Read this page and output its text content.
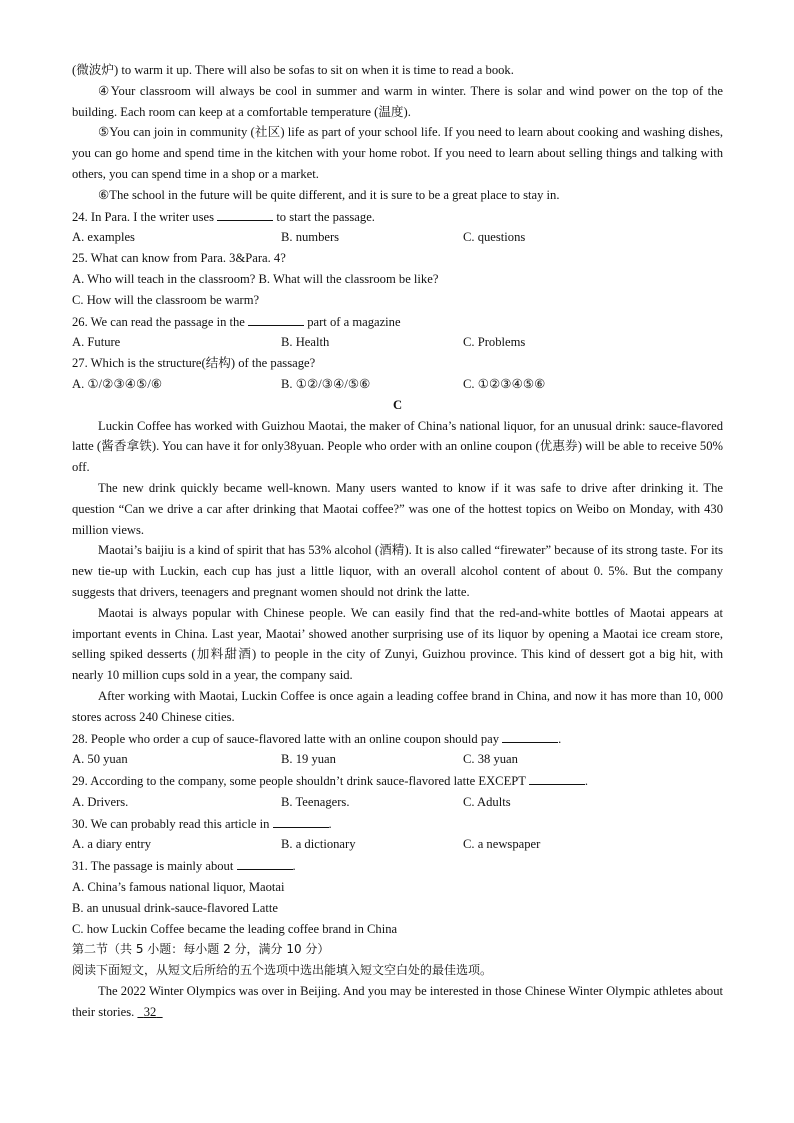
(微波炉) to warm it up. There will also be sofas to sit on when it is time to read a book.

④Your classroom will always be cool in summer and warm in winter. There is solar and wind power on the top of the building. Each room can keep at a comfortable temperature (温度).

⑤You can join in community (社区) life as part of your school life. If you need to learn about cooking and washing dishes, you can go home and spend time in the kitchen with your home robot. If you need to learn about selling things and talking with others, you can spend time in a shop or a market.

⑥The school in the future will be quite different, and it is sure to be a great place to stay in.

24. In Para. I the writer uses	to start the passage.

A. examples	B. numbers	C. questions

25. What can know from Para. 3&Para. 4?

A. Who will teach in the classroom? B. What will the classroom be like?

C. How will the classroom be warm?

26. We can read the passage in the	part of a magazine

A. Future	B. Health	C. Problems

27. Which is the structure(结构) of the passage?

A. ①/②③④⑤/⑥	B. ①②/③④/⑤⑥	C. ①②③④⑤⑥

C

Luckin Coffee has worked with Guizhou Maotai, the maker of China’s national liquor, for an unusual drink: sauce-flavored latte (酱香拿铁). You can have it for only38yuan. People who order with an online coupon (优惠券) will be able to receive 50% off.

The new drink quickly became well-known. Many users wanted to know if it was safe to drive after drinking it. The question “Can we drive a car after drinking that Maotai coffee?” was one of the hottest topics on Weibo on Monday, with 430 million views.

Maotai’s baijiu is a kind of spirit that has 53% alcohol (酒精). It is also called “firewater” because of its strong taste. For its new tie-up with Luckin, each cup has just a little liquor, with an overall alcohol content of about 0. 5%. But the company suggests that drivers, teenagers and pregnant women should not drink the latte.

Maotai is always popular with Chinese people. We can easily find that the red-and-white bottles of Maotai appears at important events in China. Last year, Maotai’ showed another surprising use of its liquor by opening a Maotai ice cream store, selling spiked desserts (加料甜酒) to people in the city of Zunyi, Guizhou province. This kind of dessert got a big hit, with nearly 10 million cups sold in a year, the company said.

After working with Maotai, Luckin Coffee is once again a leading coffee brand in China, and now it has more than 10, 000 stores across 240 Chinese cities.

28. People who order a cup of sauce-flavored latte with an online coupon should pay	.

A. 50 yuan	B. 19 yuan	C. 38 yuan

29. According to the company, some people shouldn’t drink sauce-flavored latte EXCEPT	.

A. Drivers.	B. Teenagers.	C. Adults

30. We can probably read this article in	.

A. a diary entry	B. a dictionary	C. a newspaper

31. The passage is mainly about	.

A. China’s famous national liquor, Maotai

B. an unusual drink-sauce-flavored Latte

C. how Luckin Coffee became the leading coffee brand in China

第二节（共 5 小题：每小题 2 分，满分 10 分）

阅读下面短文，从短文后所给的五个选项中选出能填入短文空白处的最佳选项。

The 2022 Winter Olympics was over in Beijing. And you may be interested in those Chinese Winter Olympic athletes about their stories. 32
